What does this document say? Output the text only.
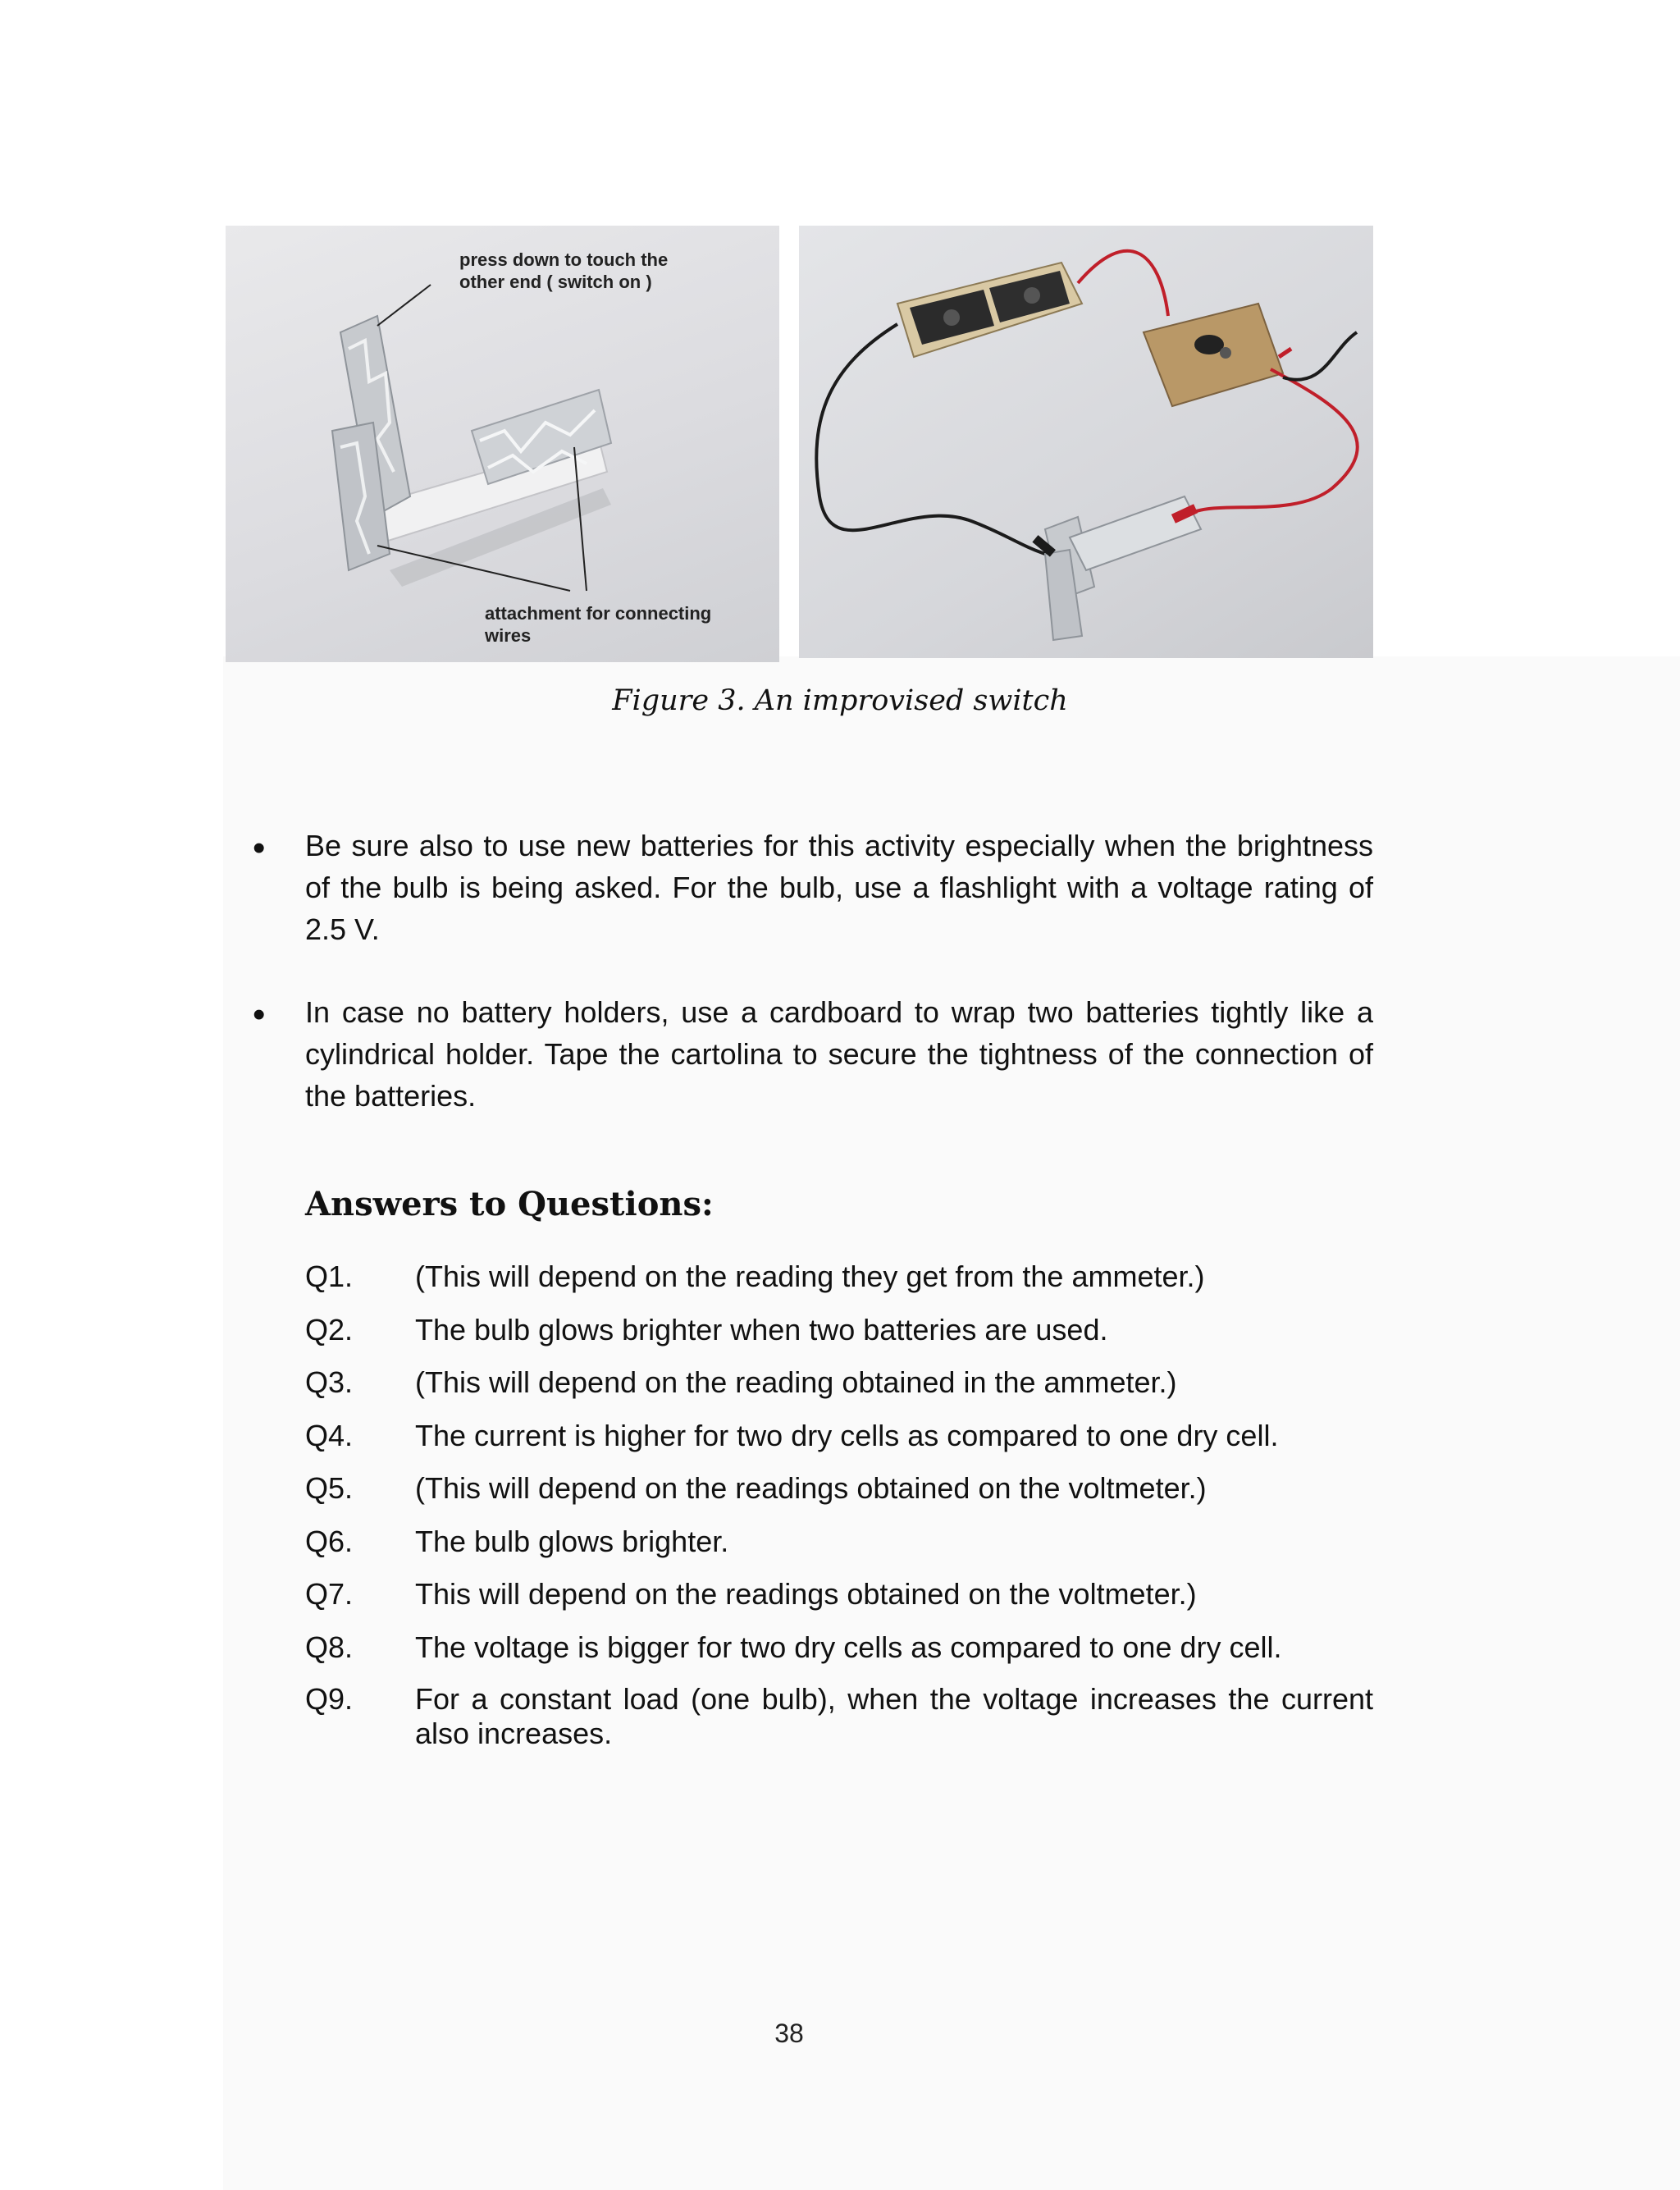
press down to touch the
other end ( switch on )
attachment for connecting
wires
Figure 3. An improvised switch
• Be sure also to use new batteries for this activity especially when the brightness of the bulb is being asked. For the bulb, use a flashlight with a voltage rating of 2.5 V.

• In case no battery holders, use a cardboard to wrap two batteries tightly like a cylindrical holder. Tape the cartolina to secure the tightness of the connection of the batteries.

Answers to Questions:
Q1.	(This will depend on the reading they get from the ammeter.)
Q2.	The bulb glows brighter when two batteries are used.
Q3.	(This will depend on the reading obtained in the ammeter.)
Q4.	The current is higher for two dry cells as compared to one dry cell.
Q5.	(This will depend on the readings obtained on the voltmeter.)
Q6.	The bulb glows brighter.
Q7.	This will depend on the readings obtained on the voltmeter.)
Q8.	The voltage is bigger for two dry cells as compared to one dry cell.
Q9.	For a constant load (one bulb), when the voltage increases the current also increases.
38
